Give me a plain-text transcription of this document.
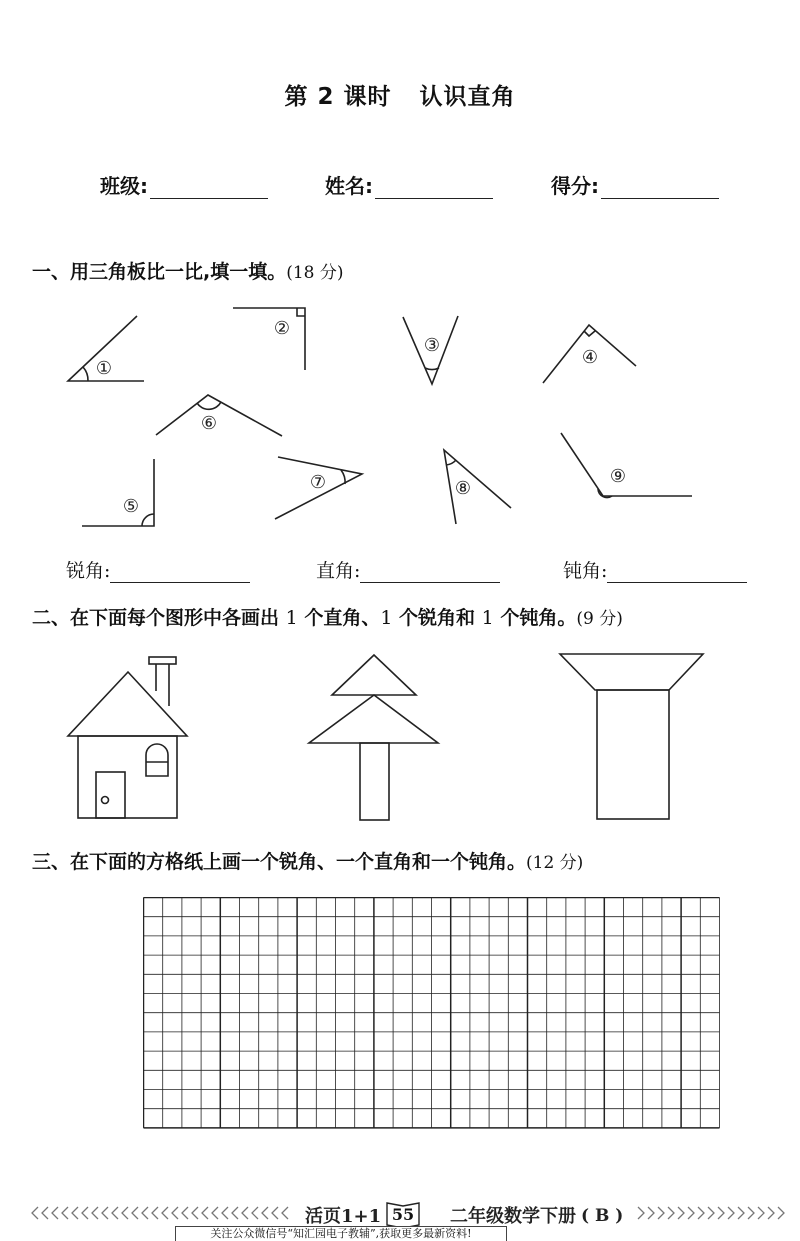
第 2 课时 认识直角
班级:	姓名:	得分:
一、用三角板比一比,填一填。(18 分)
①
②
③
④
⑤
⑥
⑦	⑧
⑨
锐角:	直角:	钝角:
二、在下面每个图形中各画出 1 个直角、1 个锐角和 1 个钝角。(9 分)
三、在下面的方格纸上画一个锐角、一个直角和一个钝角。(12 分)
活页1+1 55 二年级数学下册 ( B )
关注公众微信号“知汇园电子教辅”,获取更多最新资料!
